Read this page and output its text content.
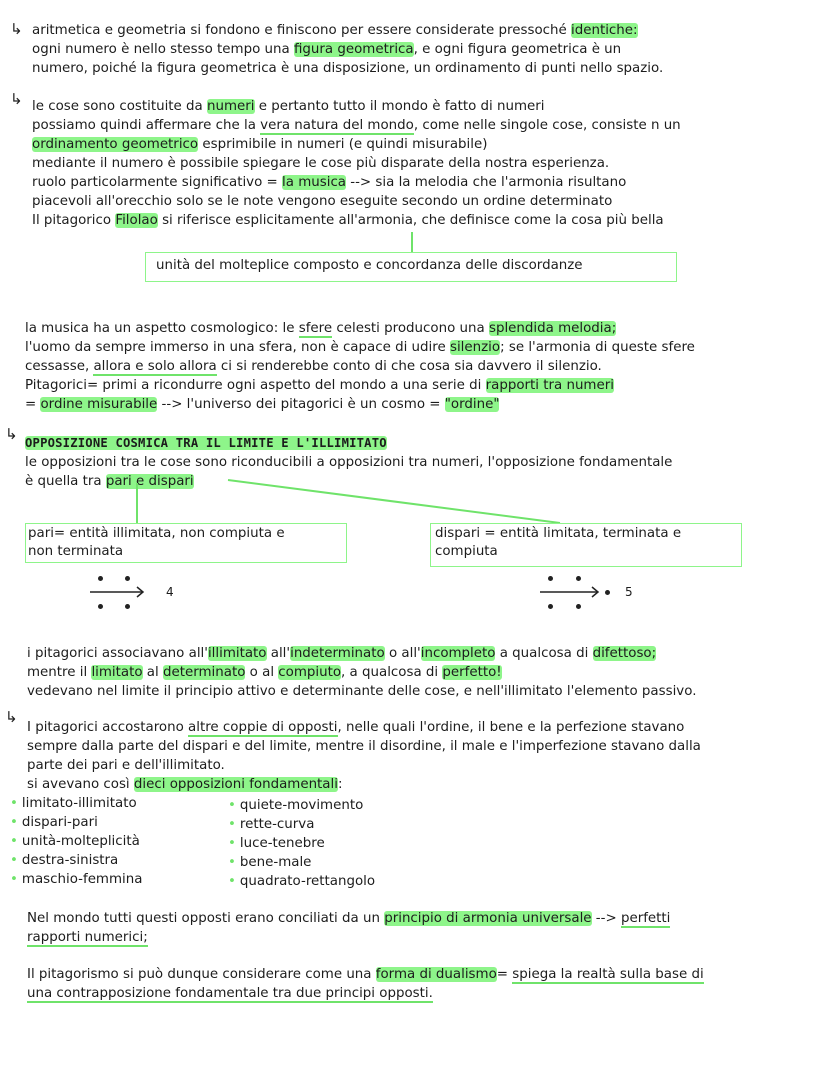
↳ aritmetica e geometria si fondono e finiscono per essere considerate pressoché identiche:
ogni numero è nello stesso tempo una figura geometrica, e ogni figura geometrica è un
numero, poiché la figura geometrica è una disposizione, un ordinamento di punti nello spazio.
↳ le cose sono costituite da numeri e pertanto tutto il mondo è fatto di numeri
possiamo quindi affermare che la vera natura del mondo, come nelle singole cose, consiste n un
ordinamento geometrico esprimibile in numeri (e quindi misurabile)
mediante il numero è possibile spiegare le cose più disparate della nostra esperienza.
ruolo particolarmente significativo = la musica --> sia la melodia che l'armonia risultano
piacevoli all'orecchio solo se le note vengono eseguite secondo un ordine determinato
Il pitagorico Filolao si riferisce esplicitamente all'armonia, che definisce come la cosa più bella
unità del molteplice composto e concordanza delle discordanze
la musica ha un aspetto cosmologico: le sfere celesti producono una splendida melodia;
l'uomo da sempre immerso in una sfera, non è capace di udire silenzio; se l'armonia di queste sfere
cessasse, allora e solo allora ci si renderebbe conto di che cosa sia davvero il silenzio.
Pitagorici= primi a ricondurre ogni aspetto del mondo a una serie di rapporti tra numeri
= ordine misurabile --> l'universo dei pitagorici è un cosmo = "ordine"
↳ OPPOSIZIONE COSMICA TRA IL LIMITE E L'ILLIMITATO
le opposizioni tra le cose sono riconducibili a opposizioni tra numeri, l'opposizione fondamentale
è quella tra pari e dispari
pari= entità illimitata, non compiuta e
non terminata
dispari = entità limitata, terminata e
compiuta
4	5
i pitagorici associavano all'illimitato all'indeterminato o all'incompleto a qualcosa di difettoso;
mentre il limitato al determinato o al compiuto, a qualcosa di perfetto!
vedevano nel limite il principio attivo e determinante delle cose, e nell'illimitato l'elemento passivo.
↳
I pitagorici accostarono altre coppie di opposti, nelle quali l'ordine, il bene e la perfezione stavano
sempre dalla parte del dispari e del limite, mentre il disordine, il male e l'imperfezione stavano dalla
parte dei pari e dell'illimitato.
si avevano così dieci opposizioni fondamentali:
• limitato-illimitato
• dispari-pari
• unità-molteplicità
• destra-sinistra
• maschio-femmina
• quiete-movimento
• rette-curva
• luce-tenebre
• bene-male
• quadrato-rettangolo
Nel mondo tutti questi opposti erano conciliati da un principio di armonia universale --> perfetti
rapporti numerici;
Il pitagorismo si può dunque considerare come una forma di dualismo= spiega la realtà sulla base di
una contrapposizione fondamentale tra due principi opposti.
